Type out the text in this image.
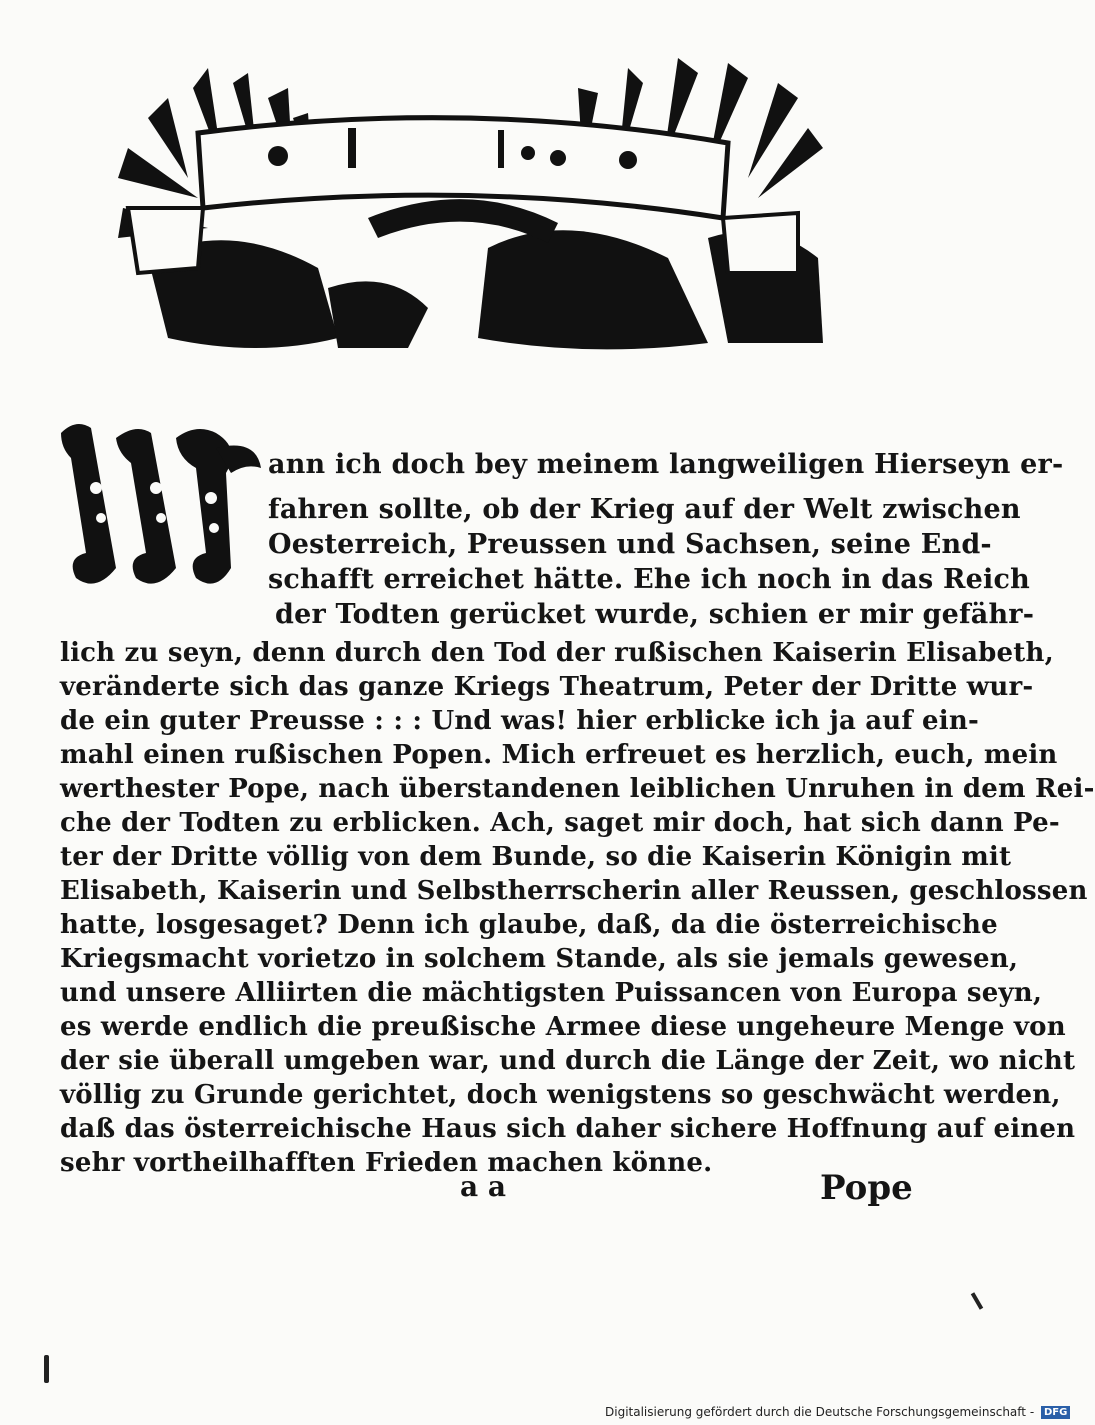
ann ich doch bey meinem langweiligen Hierseyn er-
fahren sollte, ob der Krieg auf der Welt zwischen
Oesterreich, Preussen und Sachsen, seine End-
schafft erreichet hätte. Ehe ich noch in das Reich
der Todten gerücket wurde, schien er mir gefähr-
lich zu seyn, denn durch den Tod der rußischen Kaiserin Elisabeth,
veränderte sich das ganze Kriegs Theatrum, Peter der Dritte wur-
de ein guter Preusse : : : Und was! hier erblicke ich ja auf ein-
mahl einen rußischen Popen. Mich erfreuet es herzlich, euch, mein
werthester Pope, nach überstandenen leiblichen Unruhen in dem Rei-
che der Todten zu erblicken. Ach, saget mir doch, hat sich dann Pe-
ter der Dritte völlig von dem Bunde, so die Kaiserin Königin mit
Elisabeth, Kaiserin und Selbstherrscherin aller Reussen, geschlossen
hatte, losgesaget? Denn ich glaube, daß, da die österreichische
Kriegsmacht vorietzo in solchem Stande, als sie jemals gewesen,
und unsere Alliirten die mächtigsten Puissancen von Europa seyn,
es werde endlich die preußische Armee diese ungeheure Menge von
der sie überall umgeben war, und durch die Länge der Zeit, wo nicht
völlig zu Grunde gerichtet, doch wenigstens so geschwächt werden,
daß das österreichische Haus sich daher sichere Hoffnung auf einen
sehr vortheilhafften Frieden machen könne.
a a	Pope
Digitalisierung gefördert durch die Deutsche Forschungsgemeinschaft - DFG
